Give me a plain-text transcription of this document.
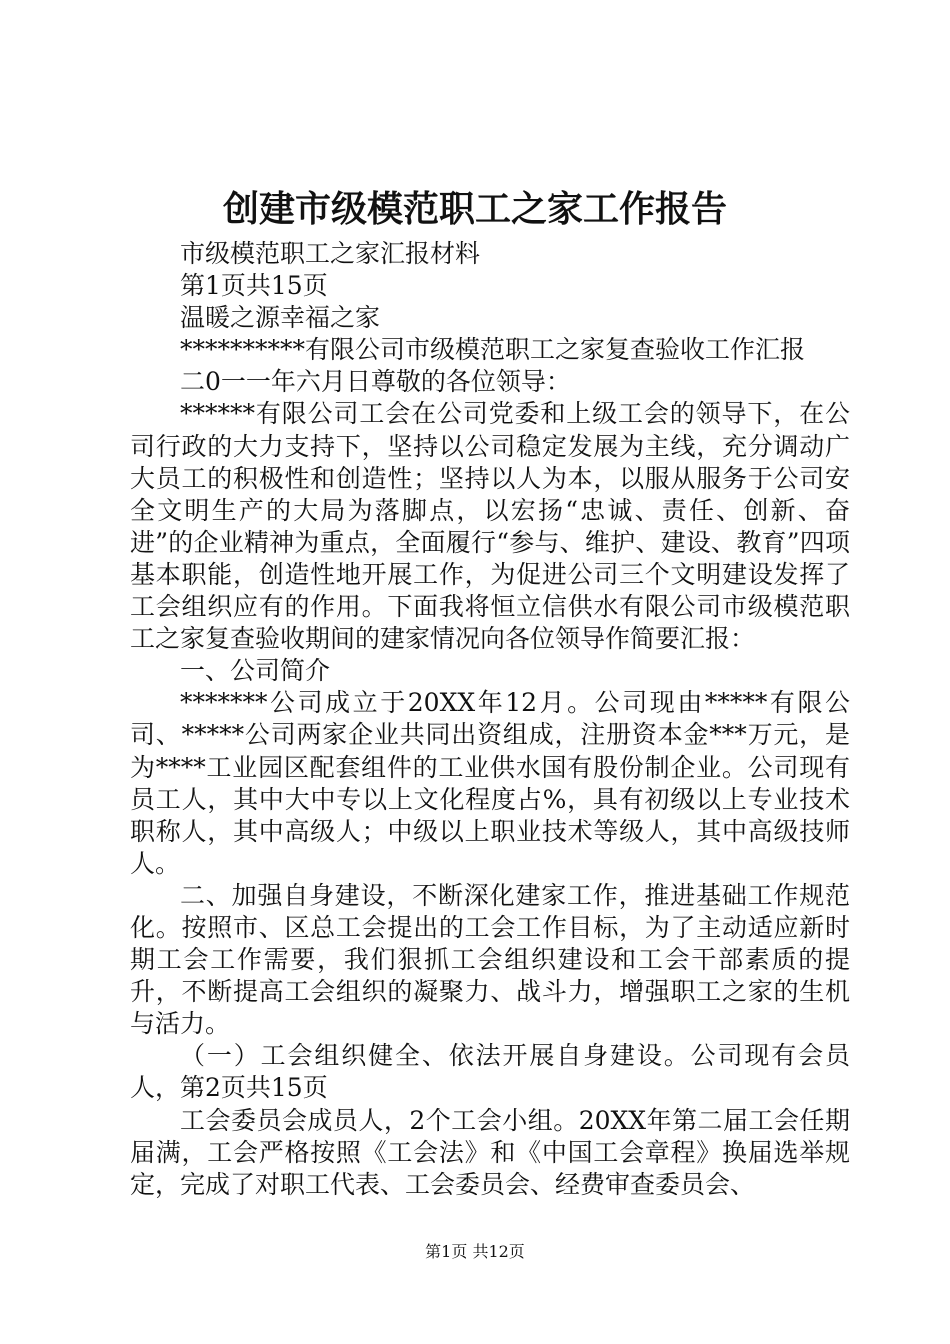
创建市级模范职工之家工作报告

市级模范职工之家汇报材料

第1页共15页

温暖之源幸福之家

**********有限公司市级模范职工之家复查验收工作汇报

二0一一年六月日尊敬的各位领导：

******有限公司工会在公司党委和上级工会的领导下，在公司行政的大力支持下，坚持以公司稳定发展为主线，充分调动广大员工的积极性和创造性；坚持以人为本，以服从服务于公司安全文明生产的大局为落脚点，以宏扬“忠诚、责任、创新、奋进”的企业精神为重点，全面履行“参与、维护、建设、教育”四项基本职能，创造性地开展工作，为促进公司三个文明建设发挥了工会组织应有的作用。下面我将恒立信供水有限公司市级模范职工之家复查验收期间的建家情况向各位领导作简要汇报：

一、公司简介

*******公司成立于20XX年12月。公司现由*****有限公司、*****公司两家企业共同出资组成，注册资本金***万元，是为****工业园区配套组件的工业供水国有股份制企业。公司现有员工人，其中大中专以上文化程度占%，具有初级以上专业技术职称人，其中高级人；中级以上职业技术等级人，其中高级技师人。

二、加强自身建设，不断深化建家工作，推进基础工作规范化。按照市、区总工会提出的工会工作目标，为了主动适应新时期工会工作需要，我们狠抓工会组织建设和工会干部素质的提升，不断提高工会组织的凝聚力、战斗力，增强职工之家的生机与活力。

（一）工会组织健全、依法开展自身建设。公司现有会员人，第2页共15页

工会委员会成员人，2个工会小组。20XX年第二届工会任期届满，工会严格按照《工会法》和《中国工会章程》换届选举规定，完成了对职工代表、工会委员会、经费审查委员会、

第1页 共12页
